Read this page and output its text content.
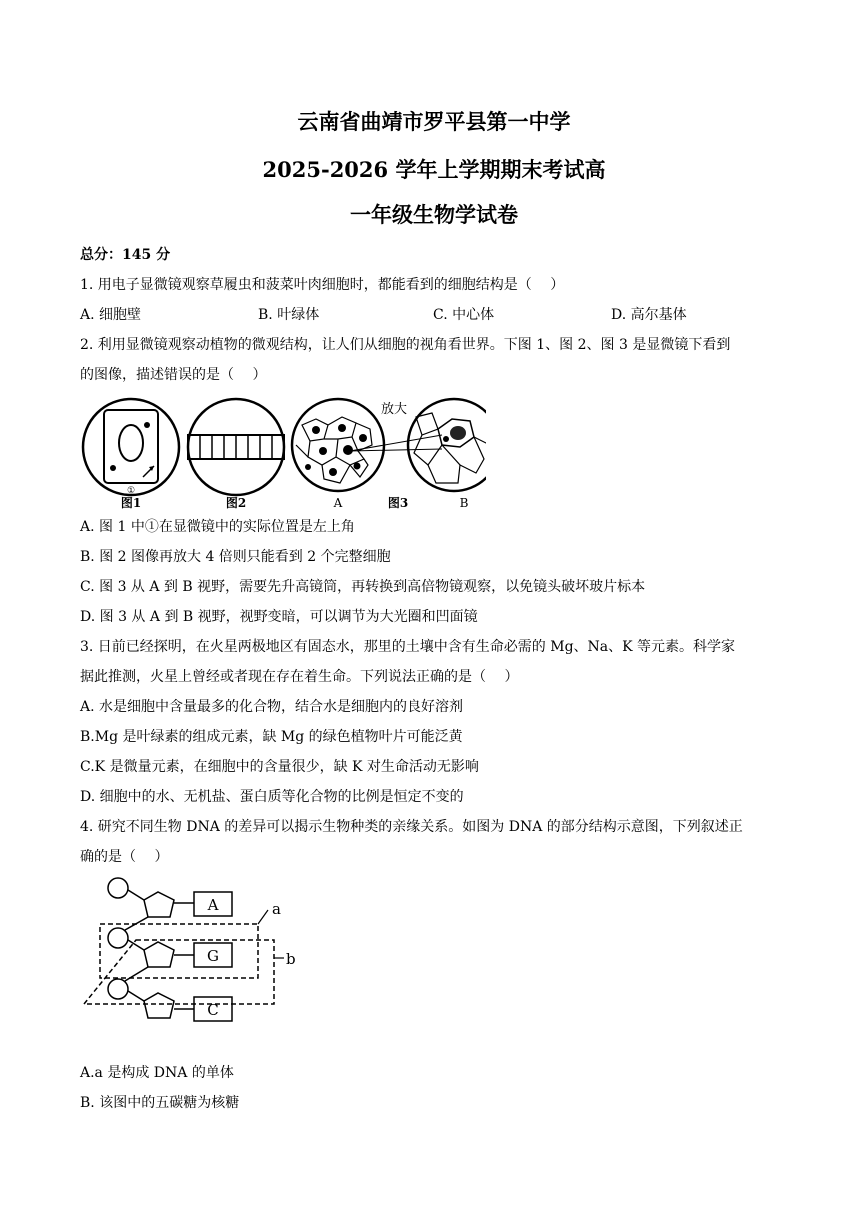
云南省曲靖市罗平县第一中学
2025-2026 学年上学期期末考试高
一年级生物学试卷
总分：145 分
1. 用电子显微镜观察草履虫和菠菜叶肉细胞时，都能看到的细胞结构是（　 ）
A. 细胞壁	B. 叶绿体	C. 中心体	D. 高尔基体
2. 利用显微镜观察动植物的微观结构，让人们从细胞的视角看世界。下图 1、图 2、图 3 是显微镜下看到
的图像，描述错误的是（　 ）
①
图1	图2	A
放大
B
图3
A. 图 1 中①在显微镜中的实际位置是左上角
B. 图 2 图像再放大 4 倍则只能看到 2 个完整细胞
C. 图 3 从 A 到 B 视野，需要先升高镜筒，再转换到高倍物镜观察，以免镜头破坏玻片标本
D. 图 3 从 A 到 B 视野，视野变暗，可以调节为大光圈和凹面镜
3. 日前已经探明，在火星两极地区有固态水，那里的土壤中含有生命必需的 Mg、Na、K 等元素。科学家
据此推测，火星上曾经或者现在存在着生命。下列说法正确的是（　 ）
A. 水是细胞中含量最多的化合物，结合水是细胞内的良好溶剂
B.Mg 是叶绿素的组成元素，缺 Mg 的绿色植物叶片可能泛黄
C.K 是微量元素，在细胞中的含量很少，缺 K 对生命活动无影响
D. 细胞中的水、无机盐、蛋白质等化合物的比例是恒定不变的
4. 研究不同生物 DNA 的差异可以揭示生物种类的亲缘关系。如图为 DNA 的部分结构示意图，下列叙述正
确的是（　 ）
A
G
C
a
b
A.a 是构成 DNA 的单体
B. 该图中的五碳糖为核糖
